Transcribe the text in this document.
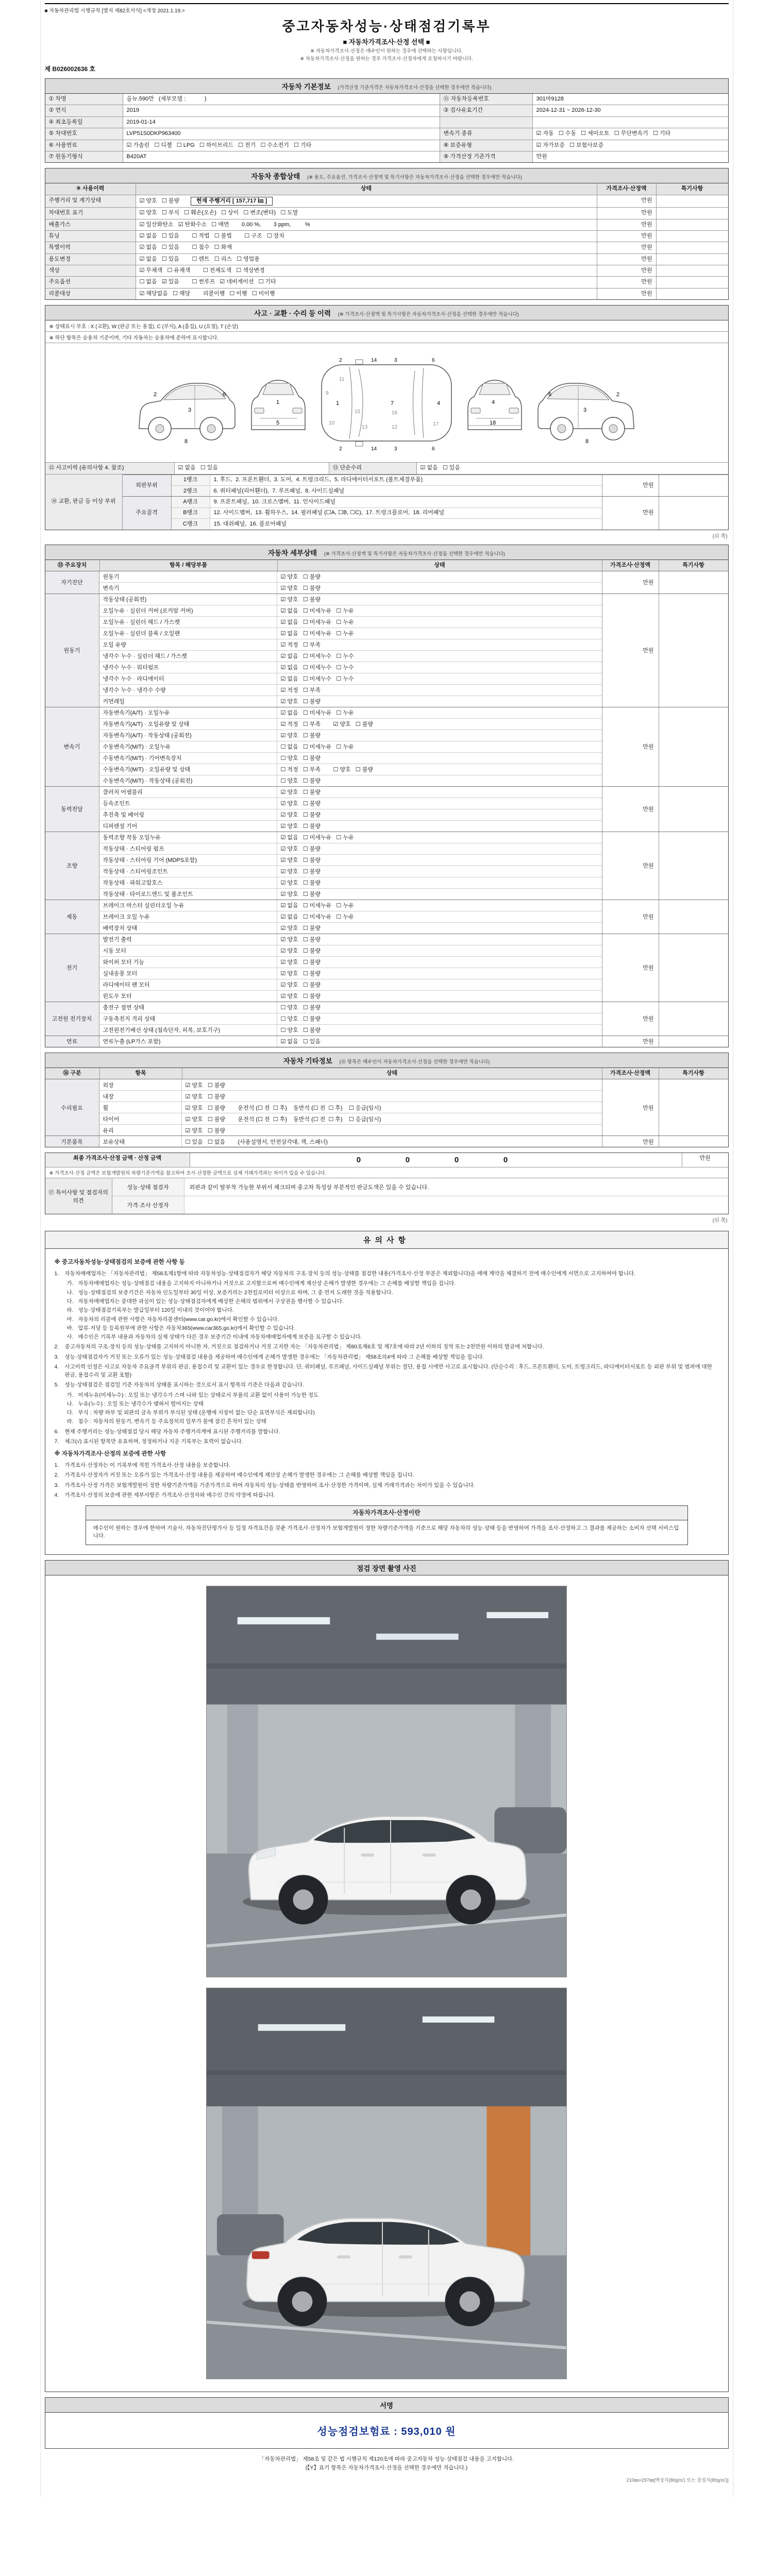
■ 자동차관리법 시행규칙 [별지 제82호서식] <개정 2021.1.19.>
중고자동차성능·상태점검기록부
■ 자동차가격조사·산정 선택 ■
※ 자동차가격조사·산정은 매수인이 원하는 경우에 선택하는 사항입니다.
※ 자동차가격조사·산정을 원하는 경우 가격조사·산정자에게 요청하시기 바랍니다.
제 B026002636 호
자동차 기본정보 (가격산정 기준가격은 자동차가격조사·산정을 선택한 경우에만 적습니다)
① 차명	올뉴.590만   (세부모델 :            )	⑪ 자동차등록번호	301마9128
② 연식	2019	③ 검사유효기간	2024-12-31 ~ 2026-12-30
④ 최초등록일	2019-01-14
⑤ 차대번호	LVP51S0DKP963400	변속기 종류	☑ 자동   ☐ 수동   ☐ 세미오토   ☐ 무단변속기   ☐ 기타
⑥ 사용연료	☑ 가솔린   ☐ 디젤   ☐ LPG   ☐ 하이브리드   ☐ 전기   ☐ 수소전기   ☐ 기타	⑧ 보증유형	☑ 자가보증   ☐ 보험사보증
⑦ 원동기형식	B420AT	⑨ 가격산정 기준가격	만원
자동차 종합상태 (※ 용도, 주요옵션, 가격조사·산정액 및 특기사항은 자동차가격조사·산정을 선택한 경우에만 적습니다)
⑨ 사용이력	상태	가격조사·산정액	특기사항
주행거리 및 계기상태	☑ 양호   ☐ 불량	현재 주행거리 [ 157,717 ㎞ ]	만원
차대번호 표기	☑ 양호   ☐ 부식   ☐ 훼손(오손)   ☐ 상이   ☐ 변조(변타)   ☐ 도말	만원
배출가스	☑ 일산화탄소   ☑ 탄화수소   ☐ 매연        0.00 %,        3 ppm,         %	만원
튜닝	☑ 없음   ☐ 있음        ☐ 적법   ☐ 불법        ☐ 구조   ☐ 장치	만원
특별이력	☑ 없음   ☐ 있음        ☐ 침수   ☐ 화재	만원
용도변경	☑ 없음   ☐ 있음        ☐ 렌트   ☐ 리스   ☐ 영업용	만원
색상	☑ 무채색   ☐ 유채색        ☐ 전체도색   ☐ 색상변경	만원
주요옵션	☐ 없음   ☑ 있음        ☐ 썬루프   ☑ 네비게이션   ☐ 기타	만원
리콜대상	☑ 해당없음   ☐ 해당        리콜이행   ☐ 이행   ☐ 미이행	만원
사고 · 교환 · 수리 등 이력 (※ 가격조사·산정액 및 특기사항은 자동차가격조사·산정을 선택한 경우에만 적습니다)
※ 상태표시 부호 : X (교환), W (판금 또는 용접), C (부식), A (흠집), U (요철), T (손상)
※ 하단 항목은 승용차 기준이며, 기타 자동차는 승용차에 준하여 표시합니다.
2
3
6
8
1
5
1	7	4
2	14	3	6
2	14	3	6
9
10
11
13	12
15	16
17
4
18
2
3
6
8
⑫ 사고이력 (유의사항 4. 참조)	☑ 없음   ☐ 있음	⑬ 단순수리	☑ 없음   ☐ 있음
⑭ 교환, 판금 등 이상 부위
외판부위
1랭크	1. 후드,  2. 프론트휀더,  3. 도어,  4. 트렁크리드,  5. 라디에이터서포트 (볼트체결부품)
2랭크	6. 쿼터패널(리어휀더),  7. 루프패널,  8. 사이드실패널
만원
주요골격
A랭크	9. 프론트패널,  10. 크로스멤버,  11. 인사이드패널
B랭크	12. 사이드멤버,  13. 휠하우스,  14. 필러패널 (☐A, ☐B, ☐C),  17. 트렁크플로어,  18. 리어패널
C랭크	15. 대쉬패널,  16. 플로어패널
만원
(뒤 쪽)
자동차 세부상태 (※ 가격조사·산정액 및 특기사항은 자동차가격조사·산정을 선택한 경우에만 적습니다)
⑮ 주요장치	항목 / 해당부품	상태	가격조사·산정액	특기사항
자기진단
원동기	☑ 양호   ☐ 불량
변속기	☑ 양호   ☐ 불량
만원
원동기
작동상태 (공회전)	☑ 양호   ☐ 불량
오일누유 · 실린더 커버 (로커암 커버)	☑ 없음   ☐ 미세누유   ☐ 누유
오일누유 · 실린더 헤드 / 가스켓	☑ 없음   ☐ 미세누유   ☐ 누유
오일누유 · 실린더 블록 / 오일팬	☑ 없음   ☐ 미세누유   ☐ 누유
오일 유량	☑ 적정   ☐ 부족
냉각수 누수 · 실린더 헤드 / 가스켓	☑ 없음   ☐ 미세누수   ☐ 누수
냉각수 누수 · 워터펌프	☑ 없음   ☐ 미세누수   ☐ 누수
냉각수 누수 · 라디에이터	☑ 없음   ☐ 미세누수   ☐ 누수
냉각수 누수 · 냉각수 수량	☑ 적정   ☐ 부족
커먼레일	☑ 양호   ☐ 불량
만원
변속기
자동변속기(A/T) · 오일누유	☑ 없음   ☐ 미세누유   ☐ 누유
자동변속기(A/T) · 오일유량 및 상태	☑ 적정   ☐ 부족        ☑ 양호   ☐ 불량
자동변속기(A/T) · 작동상태 (공회전)	☑ 양호   ☐ 불량
수동변속기(M/T) · 오일누유	☐ 없음   ☐ 미세누유   ☐ 누유
수동변속기(M/T) · 기어변속장치	☐ 양호   ☐ 불량
수동변속기(M/T) · 오일유량 및 상태	☐ 적정   ☐ 부족        ☐ 양호   ☐ 불량
수동변속기(M/T) · 작동상태 (공회전)	☐ 양호   ☐ 불량
만원
동력전달
클러치 어셈블리	☑ 양호   ☐ 불량
등속조인트	☑ 양호   ☐ 불량
추진축 및 베어링	☑ 양호   ☐ 불량
디퍼렌셜 기어	☑ 양호   ☐ 불량
만원
조향
동력조향 작동 오일누유	☑ 없음   ☐ 미세누유   ☐ 누유
작동상태 · 스티어링 펌프	☑ 양호   ☐ 불량
작동상태 · 스티어링 기어 (MDPS포함)	☑ 양호   ☐ 불량
작동상태 · 스티어링조인트	☑ 양호   ☐ 불량
작동상태 · 파워고압호스	☑ 양호   ☐ 불량
작동상태 · 타이로드엔드 및 볼조인트	☑ 양호   ☐ 불량
만원
제동
브레이크 마스터 실린더오일 누유	☑ 없음   ☐ 미세누유   ☐ 누유
브레이크 오일 누유	☑ 없음   ☐ 미세누유   ☐ 누유
배력장치 상태	☑ 양호   ☐ 불량
만원
전기
발전기 출력	☑ 양호   ☐ 불량
시동 모터	☑ 양호   ☐ 불량
와이퍼 모터 기능	☑ 양호   ☐ 불량
실내송풍 모터	☑ 양호   ☐ 불량
라디에이터 팬 모터	☑ 양호   ☐ 불량
윈도우 모터	☑ 양호   ☐ 불량
만원
고전원 전기장치
충전구 절연 상태	☐ 양호   ☐ 불량
구동축전지 격리 상태	☐ 양호   ☐ 불량
고전원전기배선 상태 (접속단자, 피복, 보호기구)	☐ 양호   ☐ 불량
만원
연료	연료누출 (LP가스 포함)	☑ 없음   ☐ 있음	만원
자동차 기타정보 (⑯ 항목은 매수인이 자동차가격조사·산정을 선택한 경우에만 적습니다)
⑯ 구분	항목	상태	가격조사·산정액	특기사항
수리필요
외장	☑ 양호   ☐ 불량
내장	☑ 양호   ☐ 불량
휠	☑ 양호   ☐ 불량        운전석 (☐ 전  ☐ 후)    동반석 (☐ 전  ☐ 후)    ☐ 응급(임시)
타이어	☑ 양호   ☐ 불량        운전석 (☐ 전  ☐ 후)    동반석 (☐ 전  ☐ 후)    ☐ 응급(임시)
유리	☑ 양호   ☐ 불량
만원
기본품목	보유상태	☐ 있음   ☐ 없음        (사용설명서, 안전삼각대, 잭, 스패너)	만원
최종 가격조사·산정 금액 · 산정 금액	0    0    0    0	만원
※ 가격조사·산정 금액은 보험개발원의 차량기준가액을 참고하여 조사·산정한 금액으로 실제 거래가격과는 차이가 있을 수 있습니다.
⑰ 특이사항 및 점검자의 의견
성능·상태 점검자	외판과 같이 탈부착 가능한 부위서 체크되며 중고차 특성상 부분적인 판금도색은 있을 수 있습니다.
가격·조사 산정자
(뒤 쪽)
유의사항
※ 중고자동차성능·상태점검의 보증에 관한 사항 등
1.	자동차매매업자는 「자동차관리법」 제58조제1항에 따라 자동차성능·상태점검자가 해당 자동차의 구조·장치 등의 성능·상태를 점검한 내용(가격조사·산정 부분은 제외합니다)을 매매 계약을 체결하기 전에 매수인에게 서면으로 고지하여야 합니다.
가. 자동차매매업자는 성능·상태점검 내용을 고지하지 아니하거나 거짓으로 고지함으로써 매수인에게 재산상 손해가 발생한 경우에는 그 손해를 배상할 책임을 집니다.
나. 성능·상태점검의 보증기간은 자동차 인도일부터 30일 이상, 보증거리는 2천킬로미터 이상으로 하며, 그 중 먼저 도래한 것을 적용합니다.
다. 자동차매매업자는 중대한 과실이 있는 성능·상태점검자에게 배상한 손해의 범위에서 구상권을 행사할 수 있습니다.
라. 성능·상태점검기록부는 발급일부터 120일 이내의 것이어야 합니다.
마. 자동차의 리콜에 관한 사항은 자동차리콜센터(www.car.go.kr)에서 확인할 수 있습니다.
바. 압류·저당 등 등록원부에 관한 사항은 자동차365(www.car365.go.kr)에서 확인할 수 있습니다.
사. 매수인은 기록부 내용과 자동차의 실제 상태가 다른 경우 보증기간 이내에 자동차매매업자에게 보증을 요구할 수 있습니다.
2.	중고자동차의 구조·장치 등의 성능·상태를 고지하지 아니한 자, 거짓으로 점검하거나 거짓 고지한 자는 「자동차관리법」 제80조제6호 및 제7호에 따라 2년 이하의 징역 또는 2천만원 이하의 벌금에 처합니다.
3.	성능·상태점검자가 거짓 또는 오류가 있는 성능·상태점검 내용을 제공하여 매수인에게 손해가 발생한 경우에는 「자동차관리법」 제58조의4에 따라 그 손해를 배상할 책임을 집니다.
4.	사고이력 인정은 사고로 자동차 주요골격 부위의 판금, 용접수리 및 교환이 있는 경우로 한정합니다. 단, 쿼터패널, 루프패널, 사이드실패널 부위는 절단, 용접 시에만 사고로 표시합니다. (단순수리 : 후드, 프론트휀더, 도어, 트렁크리드, 라디에이터서포트 등 외판 부위 및 범퍼에 대한 판금, 용접수리 및 교환 포함)
5.	성능·상태점검은 점검일 기준 자동차의 상태를 표시하는 것으로서 표시 항목의 기준은 다음과 같습니다.
가. 미세누유(미세누수) : 오일 또는 냉각수가 스며 나와 있는 상태로서 부품의 교환 없이 사용이 가능한 정도
나. 누유(누수) : 오일 또는 냉각수가 맺혀서 떨어지는 상태
다. 부식 : 차량 하부 및 외판의 금속 부위가 부식된 상태 (운행에 지장이 없는 단순 표면부식은 제외합니다)
라. 침수 : 자동차의 원동기, 변속기 등 주요장치의 일부가 물에 잠긴 흔적이 있는 상태
6.	현재 주행거리는 성능·상태점검 당시 해당 자동차 주행거리계에 표시된 주행거리를 말합니다.
7.	체크(√) 표시된 항목만 유효하며, 정정하거나 지운 기록부는 효력이 없습니다.
※ 자동차가격조사·산정의 보증에 관한 사항
1.	가격조사·산정자는 이 기록부에 적힌 가격조사·산정 내용을 보증합니다.
2.	가격조사·산정자가 거짓 또는 오류가 있는 가격조사·산정 내용을 제공하여 매수인에게 재산상 손해가 발생한 경우에는 그 손해를 배상할 책임을 집니다.
3.	가격조사·산정 가격은 보험개발원이 정한 차량기준가액을 기준가격으로 하여 자동차의 성능·상태를 반영하여 조사·산정한 가격이며, 실제 거래가격과는 차이가 있을 수 있습니다.
4.	가격조사·산정의 보증에 관한 세부사항은 가격조사·산정자와 매수인 간의 약정에 따릅니다.
자동차가격조사·산정이란
매수인이 원하는 경우에 한하여 기술사, 자동차진단평가사 등 일정 자격요건을 갖춘 가격조사·산정자가 보험개발원이 정한 차량기준가액을 기준으로 해당 자동차의 성능·상태 등을 반영하여 가격을 조사·산정하고 그 결과를 제공하는 소비자 선택 서비스입니다.
점검 장면 촬영 사진
서명
성능점검보험료 : 593,010 원
「자동차관리법」 제58조 및 같은 법 시행규칙 제120조에 따라 중고자동차 성능·상태점검 내용을 고지합니다.
(【Y】표기 항목은 자동차가격조사·산정을 선택한 경우에만 적습니다.)
210㎜×297㎜[백상지(80g/㎡) 또는 중질지(80g/㎡)]
